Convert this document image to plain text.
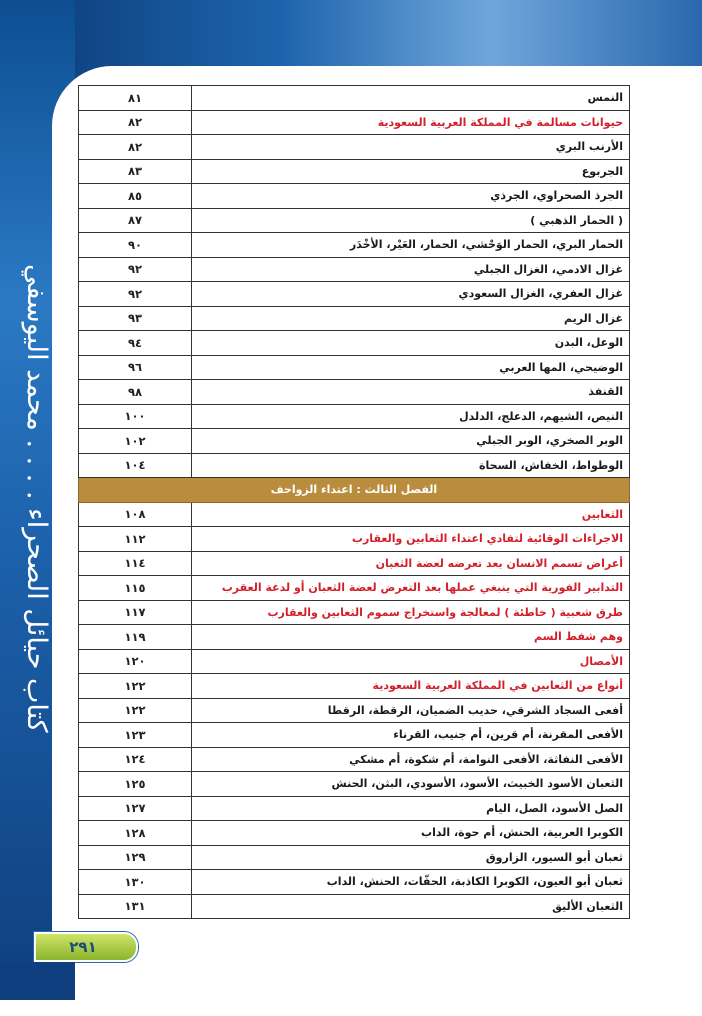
كتاب حيائل الصحراء . . . . محمد اليوسفي
النمس	٨١
حيوانات مسالمة في المملكة العربية السعودية	٨٢
الأرنب البري	٨٢
الجربوع	٨٣
الجرذ الصحراوي، الجرذي	٨٥
( الحمار الذهبي )	٨٧
الحمار البري، الحمار الوَحْشي، الحمار، العَيْر، الأخْدَر	٩٠
غزال الادمي، الغزال الجبلي	٩٢
غزال العفري، الغزال السعودي	٩٢
غزال الريم	٩٣
الوعل، البدن	٩٤
الوضيحي، المها العربي	٩٦
القنفذ	٩٨
النيص، الشيهم، الدعلج، الدلدل	١٠٠
الوبر الصخري، الوبر الجبلي	١٠٢
الوطواط، الخفاش، السحاة	١٠٤
الفصل الثالث : اعتداء الزواحف	
الثعابين	١٠٨
الاجراءات الوقائية لتفادي اعتداء الثعابين والعقارب	١١٢
أعراض تسمم الانسان بعد تعرضه لعضة الثعبان	١١٤
التدابير الفورية التي ينبغي عملها بعد التعرض لعضة الثعبان أو لدغة العقرب	١١٥
طرق شعبية ( خاطئة ) لمعالجة واستخراج سموم الثعابين والعقارب	١١٧
وهم شفط السم	١١٩
الأمصال	١٢٠
أنواع من الثعابين في المملكة العربية السعودية	١٢٢
أفعى السجاد الشرقي، حديب الضميان، الرقطة، الرقطا	١٢٢
الأفعى المقرنة، أم قرين، أم جنيب، القرناء	١٢٣
الأفعى النفاثة، الأفعى النوامة، أم شكوة، أم مشكي	١٢٤
الثعبان الأسود الخبيث، الأسود، الأسودي، البثن، الحنش	١٢٥
الصل الأسود، الصل، اليام	١٢٧
الكوبرا العربية، الحنش، أم حوة، الداب	١٢٨
ثعبان أبو السيور، الزاروق	١٢٩
ثعبان أبو العيون، الكوبرا الكاذبة، الحفّات، الحنش، الداب	١٣٠
الثعبان الأليق	١٣١
٢٩١
